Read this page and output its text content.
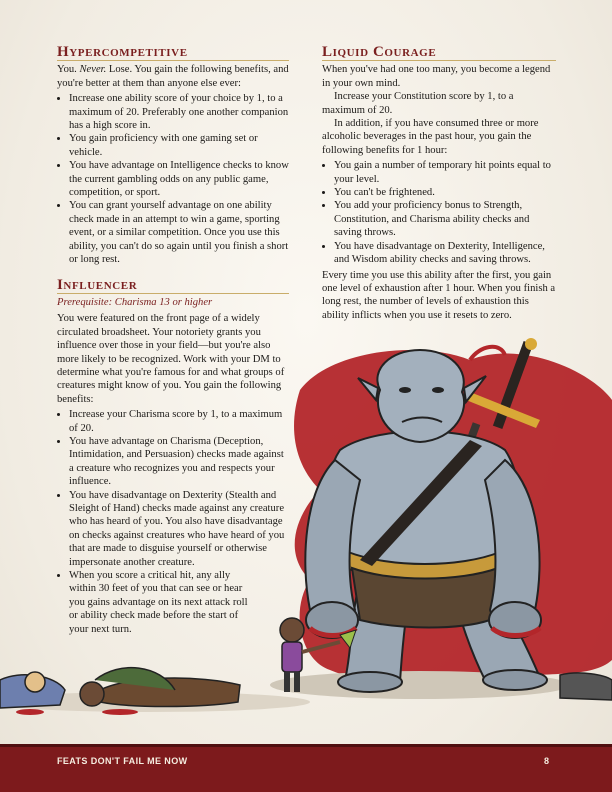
Hypercompetitive

You. Never. Lose. You gain the following benefits, and you're better at them than anyone else ever:

• Increase one ability score of your choice by 1, to a maximum of 20. Preferably one another companion has a high score in.
• You gain proficiency with one gaming set or vehicle.
• You have advantage on Intelligence checks to know the current gambling odds on any public game, competition, or sport.
• You can grant yourself advantage on one ability check made in an attempt to win a game, sporting event, or a similar competition. Once you use this ability, you can't do so again until you finish a short or long rest.
Influencer

Prerequisite: Charisma 13 or higher

You were featured on the front page of a widely circulated broadsheet. Your notoriety grants you influence over those in your field—but you're also more likely to be recognized. Work with your DM to determine what you're famous for and what groups of creatures might know of you. You gain the following benefits:

• Increase your Charisma score by 1, to a maximum of 20.
• You have advantage on Charisma (Deception, Intimidation, and Persuasion) checks made against a creature who recognizes you and respects your influence.
• You have disadvantage on Dexterity (Stealth and Sleight of Hand) checks made against any creature who has heard of you. You also have disadvantage on checks against creatures who have heard of you that are made to disguise yourself or otherwise impersonate another creature.
• When you score a critical hit, any ally within 30 feet of you that can see or hear you gains advantage on its next attack roll or ability check made before the start of your next turn.
Liquid Courage

When you've had one too many, you become a legend in your own mind.

Increase your Constitution score by 1, to a maximum of 20.

In addition, if you have consumed three or more alcoholic beverages in the past hour, you gain the following benefits for 1 hour:

• You gain a number of temporary hit points equal to your level.
• You can't be frightened.
• You add your proficiency bonus to Strength, Constitution, and Charisma ability checks and saving throws.
• You have disadvantage on Dexterity, Intelligence, and Wisdom ability checks and saving throws.

Every time you use this ability after the first, you gain one level of exhaustion after 1 hour. When you finish a long rest, the number of levels of exhaustion this ability inflicts when you use it resets to zero.

FEATS DON'T FAIL ME NOW	8
